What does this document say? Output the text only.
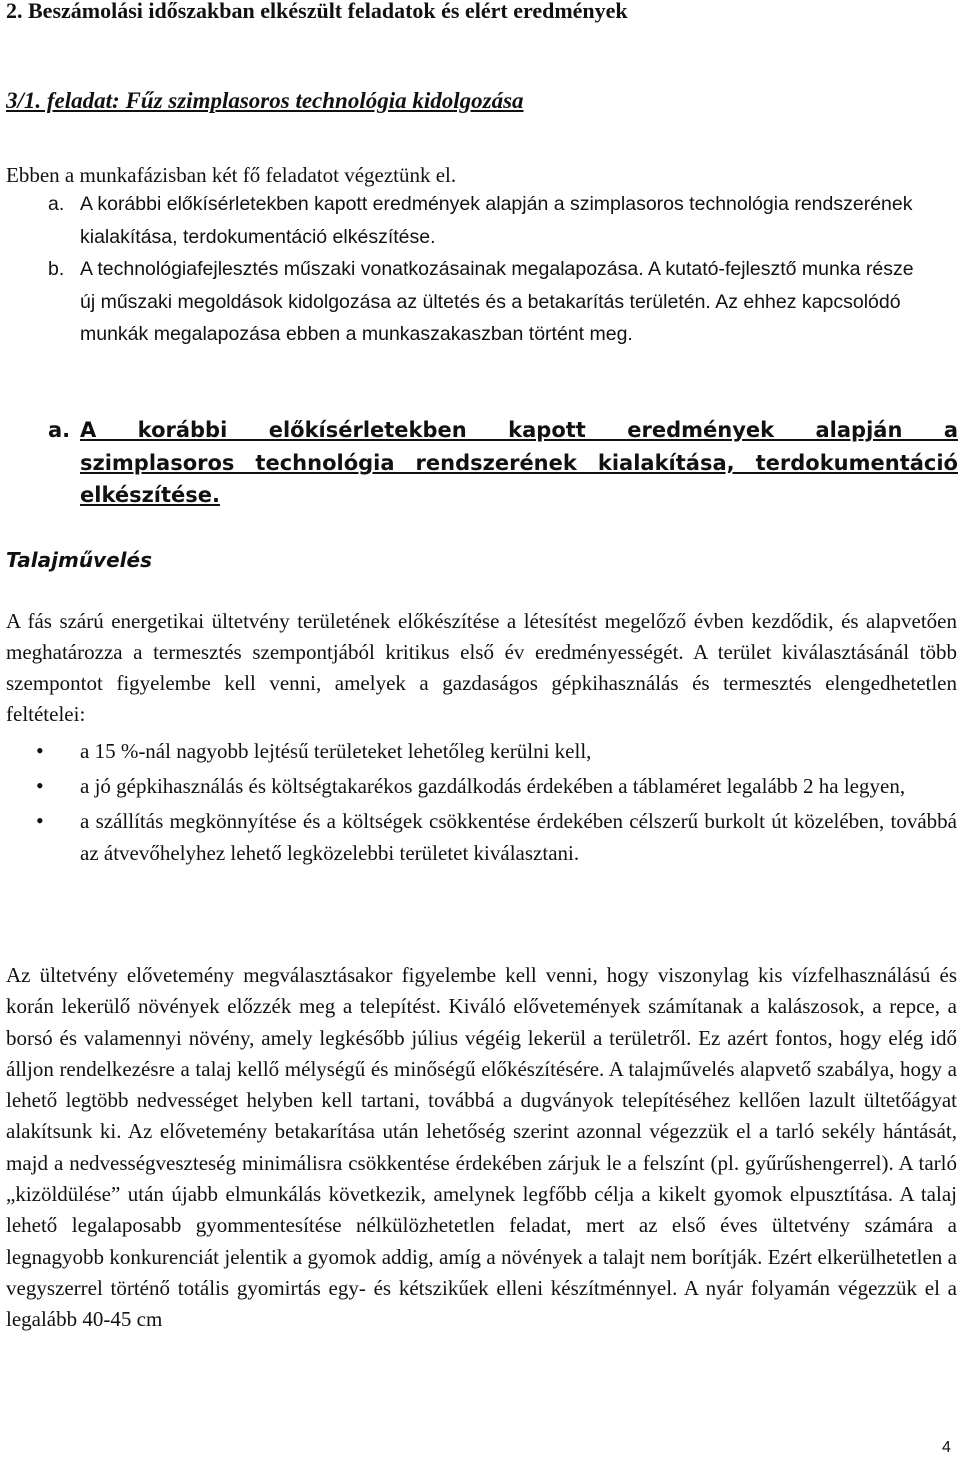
2. Beszámolási időszakban elkészült feladatok és elért eredmények
3/1. feladat: Fűz szimplasoros technológia kidolgozása
Ebben a munkafázisban két fő feladatot végeztünk el.
a. A korábbi előkísérletekben kapott eredmények alapján a szimplasoros technológia rendszerének kialakítása, terdokumentáció elkészítése.
b. A technológiafejlesztés műszaki vonatkozásainak megalapozása. A kutató-fejlesztő munka része új műszaki megoldások kidolgozása az ültetés és a betakarítás területén. Az ehhez kapcsolódó munkák megalapozása ebben a munkaszakaszban történt meg.
a. A korábbi előkísérletekben kapott eredmények alapján a
szimplasoros technológia rendszerének kialakítása, terdokumentáció elkészítése.
Talajművelés
A fás szárú energetikai ültetvény területének előkészítése a létesítést megelőző évben kezdődik, és alapvetően meghatározza a termesztés szempontjából kritikus első év eredményességét. A terület kiválasztásánál több szempontot figyelembe kell venni, amelyek a gazdaságos gépkihasználás és termesztés elengedhetetlen feltételei:
• a 15 %-nál nagyobb lejtésű területeket lehetőleg kerülni kell,
• a jó gépkihasználás és költségtakarékos gazdálkodás érdekében a táblaméret legalább 2 ha legyen,
• a szállítás megkönnyítése és a költségek csökkentése érdekében célszerű burkolt út közelében, továbbá az átvevőhelyhez lehető legközelebbi területet kiválasztani.
Az ültetvény elővetemény megválasztásakor figyelembe kell venni, hogy viszonylag kis vízfelhasználású és korán lekerülő növények előzzék meg a telepítést. Kiváló elővetemények számítanak a kalászosok, a repce, a borsó és valamennyi növény, amely legkésőbb július végéig lekerül a területről. Ez azért fontos, hogy elég idő álljon rendelkezésre a talaj kellő mélységű és minőségű előkészítésére. A talajművelés alapvető szabálya, hogy a lehető legtöbb nedvességet helyben kell tartani, továbbá a dugványok telepítéséhez kellően lazult ültetőágyat alakítsunk ki. Az elővetemény betakarítása után lehetőség szerint azonnal végezzük el a tarló sekély hántását, majd a nedvességveszteség minimálisra csökkentése érdekében zárjuk le a felszínt (pl. gyűrűshengerrel). A tarló „kizöldülése” után újabb elmunkálás következik, amelynek legfőbb célja a kikelt gyomok elpusztítása. A talaj lehető legalaposabb gyommentesítése nélkülözhetetlen feladat, mert az első éves ültetvény számára a legnagyobb konkurenciát jelentik a gyomok addig, amíg a növények a talajt nem borítják. Ezért elkerülhetetlen a vegyszerrel történő totális gyomirtás egy- és kétszikűek elleni készítménnyel. A nyár folyamán végezzük el a legalább 40-45 cm
4
